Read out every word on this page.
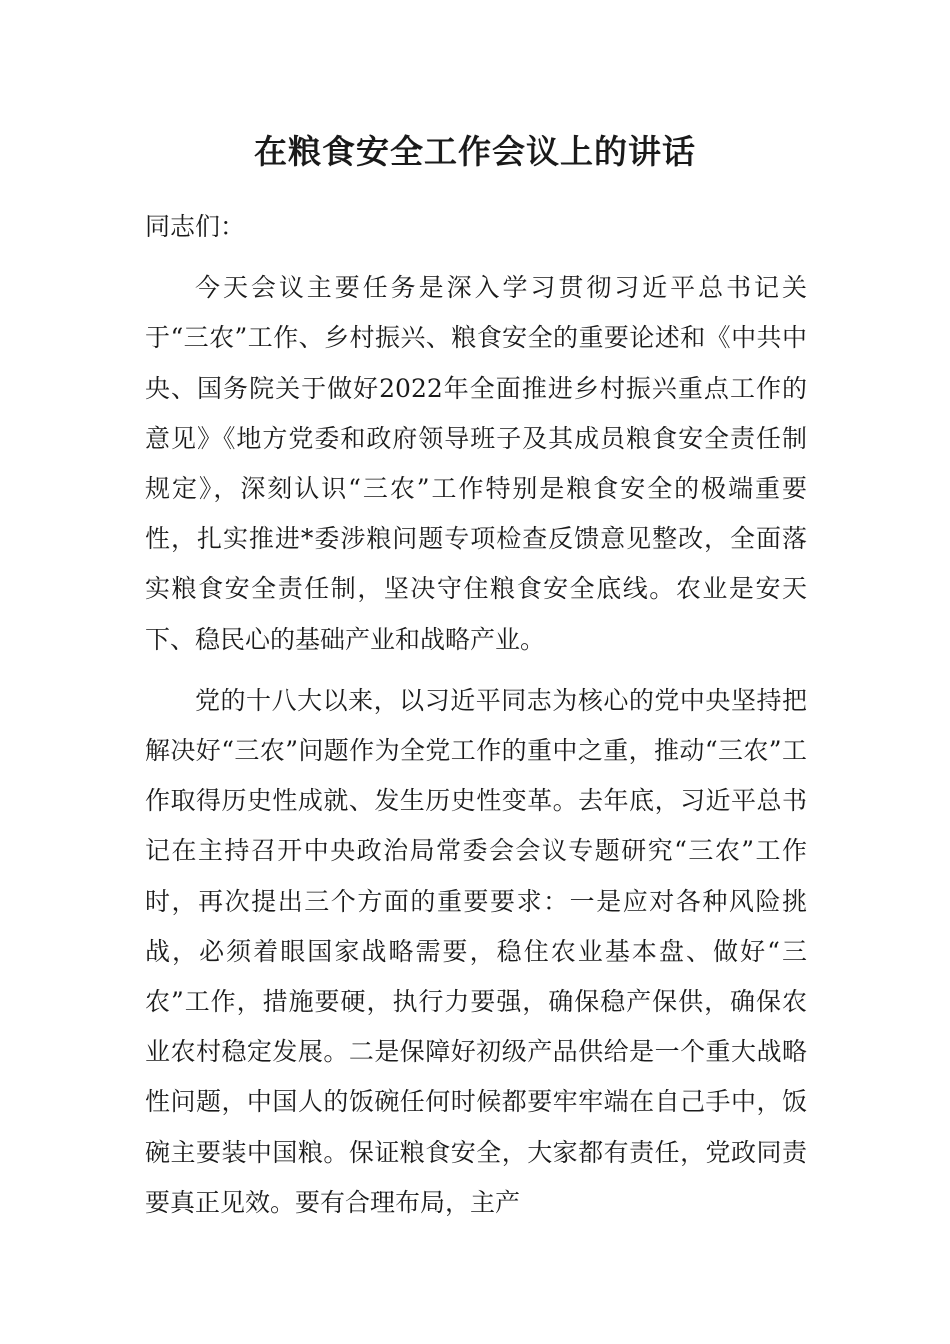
在粮食安全工作会议上的讲话

同志们：

今天会议主要任务是深入学习贯彻习近平总书记关于“三农”工作、乡村振兴、粮食安全的重要论述和《中共中央、国务院关于做好2022年全面推进乡村振兴重点工作的意见》《地方党委和政府领导班子及其成员粮食安全责任制规定》，深刻认识“三农”工作特别是粮食安全的极端重要性，扎实推进*委涉粮问题专项检查反馈意见整改，全面落实粮食安全责任制，坚决守住粮食安全底线。农业是安天下、稳民心的基础产业和战略产业。

党的十八大以来，以习近平同志为核心的党中央坚持把解决好“三农”问题作为全党工作的重中之重，推动“三农”工作取得历史性成就、发生历史性变革。去年底，习近平总书记在主持召开中央政治局常委会会议专题研究“三农”工作时，再次提出三个方面的重要要求：一是应对各种风险挑战，必须着眼国家战略需要，稳住农业基本盘、做好“三农”工作，措施要硬，执行力要强，确保稳产保供，确保农业农村稳定发展。二是保障好初级产品供给是一个重大战略性问题，中国人的饭碗任何时候都要牢牢端在自己手中，饭碗主要装中国粮。保证粮食安全，大家都有责任，党政同责要真正见效。要有合理布局，主产
